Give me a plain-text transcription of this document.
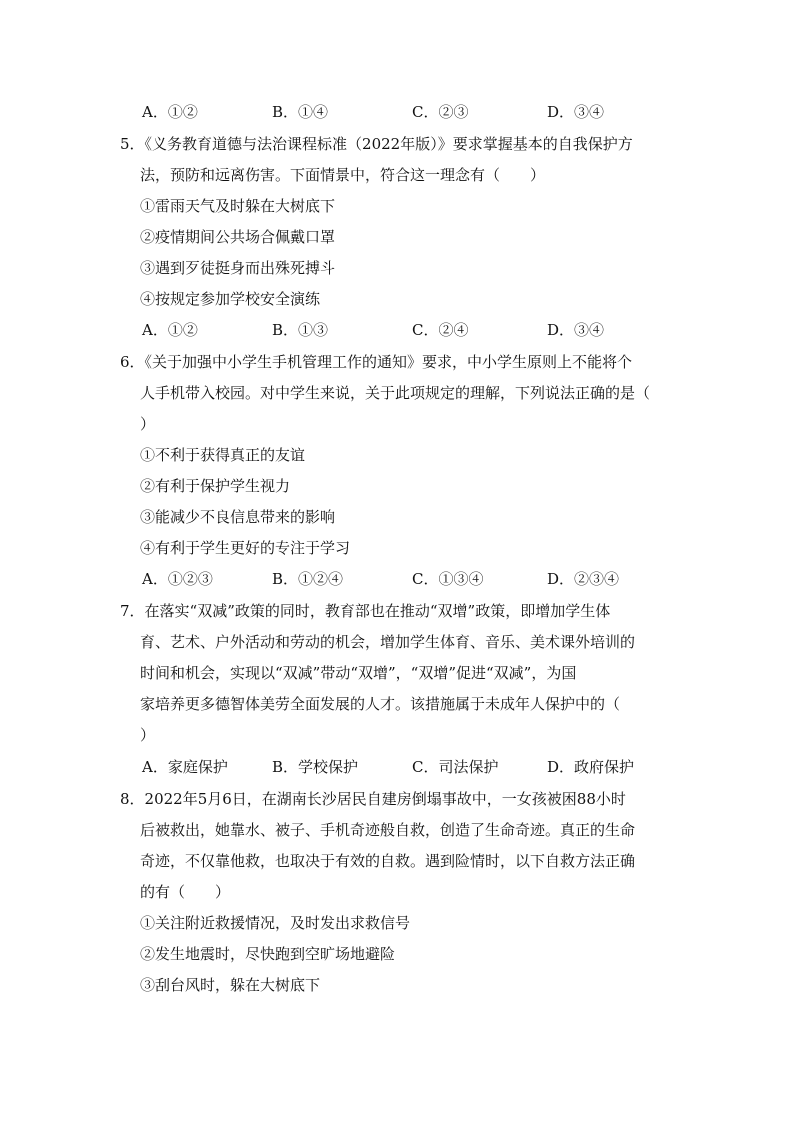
A．①②	B．①④	C．②③	D．③④
5．《义务教育道德与法治课程标准（2022年版）》要求掌握基本的自我保护方
法，预防和远离伤害。下面情景中，符合这一理念有（　　）
①雷雨天气及时躲在大树底下
②疫情期间公共场合佩戴口罩
③遇到歹徒挺身而出殊死搏斗
④按规定参加学校安全演练
A．①②	B．①③	C．②④	D．③④
6．《关于加强中小学生手机管理工作的通知》要求，中小学生原则上不能将个
人手机带入校园。对中学生来说，关于此项规定的理解，下列说法正确的是（
）
①不利于获得真正的友谊
②有利于保护学生视力
③能减少不良信息带来的影响
④有利于学生更好的专注于学习
A．①②③	B．①②④	C．①③④	D．②③④
7．在落实“双减”政策的同时，教育部也在推动“双增”政策，即增加学生体
育、艺术、户外活动和劳动的机会，增加学生体育、音乐、美术课外培训的
时间和机会，实现以“双减”带动“双增”，“双增”促进“双减”，为国
家培养更多德智体美劳全面发展的人才。该措施属于未成年人保护中的（
）
A．家庭保护	B．学校保护	C．司法保护	D．政府保护
8．2022年5月6日，在湖南长沙居民自建房倒塌事故中，一女孩被困88小时
后被救出，她靠水、被子、手机奇迹般自救，创造了生命奇迹。真正的生命
奇迹，不仅靠他救，也取决于有效的自救。遇到险情时，以下自救方法正确
的有（　　）
①关注附近救援情况，及时发出求救信号
②发生地震时，尽快跑到空旷场地避险
③刮台风时，躲在大树底下
